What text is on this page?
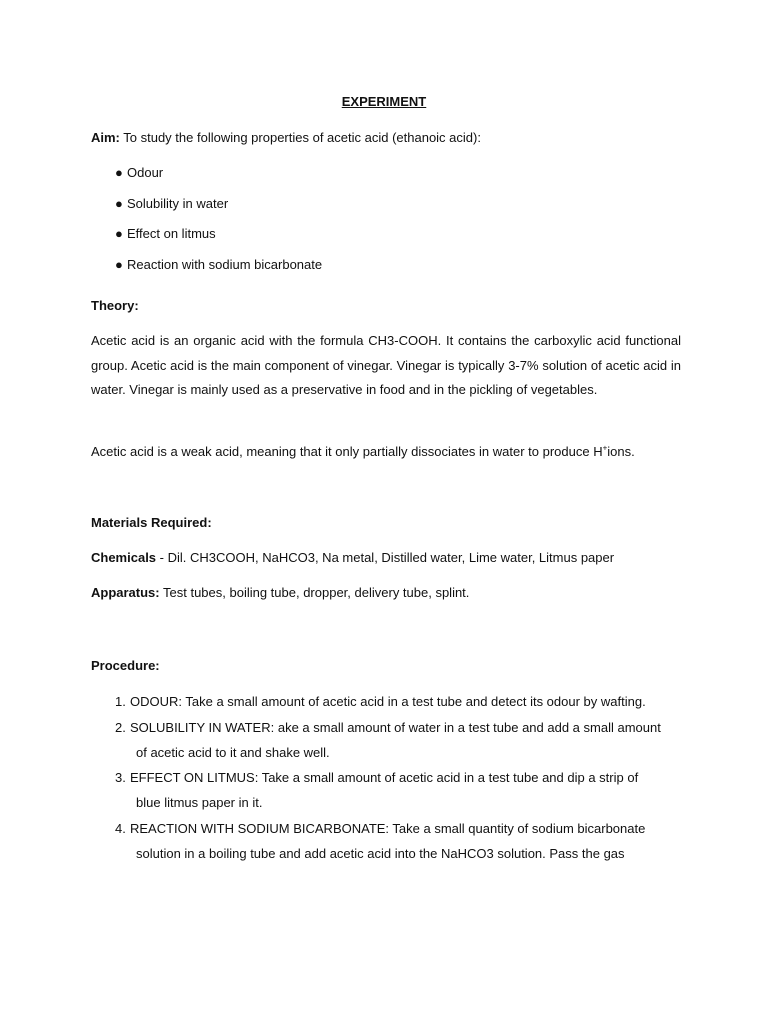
EXPERIMENT
Aim: To study the following properties of acetic acid (ethanoic acid):
● Odour
● Solubility in water
● Effect on litmus
● Reaction with sodium bicarbonate
Theory:
Acetic acid is an organic acid with the formula CH3-COOH. It contains the carboxylic acid functional group. Acetic acid is the main component of vinegar. Vinegar is typically 3-7% solution of acetic acid in water. Vinegar is mainly used as a preservative in food and in the pickling of vegetables.
Acetic acid is a weak acid, meaning that it only partially dissociates in water to produce H+ions.
Materials Required:
Chemicals - Dil. CH3COOH, NaHCO3, Na metal, Distilled water, Lime water, Litmus paper
Apparatus: Test tubes, boiling tube, dropper, delivery tube, splint.
Procedure:
1. ODOUR: Take a small amount of acetic acid in a test tube and detect its odour by wafting.
2. SOLUBILITY IN WATER: ake a small amount of water in a test tube and add a small amount
of acetic acid to it and shake well.
3. EFFECT ON LITMUS: Take a small amount of acetic acid in a test tube and dip a strip of
blue litmus paper in it.
4. REACTION WITH SODIUM BICARBONATE: Take a small quantity of sodium bicarbonate
solution in a boiling tube and add acetic acid into the NaHCO3 solution. Pass the gas
